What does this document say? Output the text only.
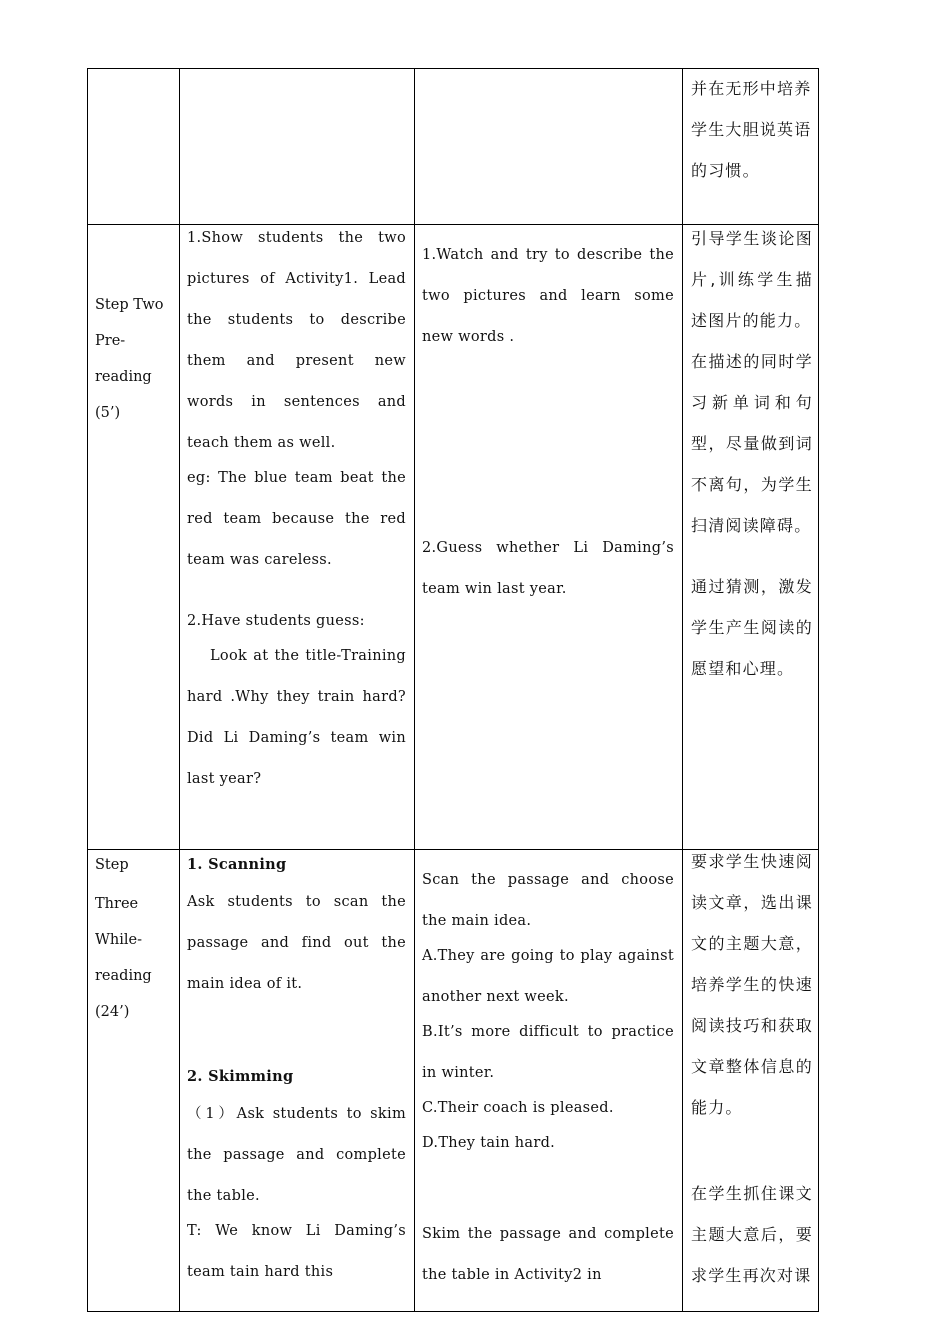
并在无形中培养

学生大胆说英语

的习惯。

Step Two

Pre-

reading

(5’)

1.Show students the two pictures of Activity1. Lead the students to describe them and present new words in sentences and teach them as well.

eg: The blue team beat the red team because the red team was careless.

2.Have students guess:

Look at the title-Training hard .Why they train hard? Did Li Daming’s team win last year?

1.Watch and try to describe the two pictures and learn some new words .

2.Guess whether Li Daming’s team win last year.

引导学生谈论图片,训练学生描述图片的能力。

在描述的同时学习新单词和句型，尽量做到词不离句，为学生扫清阅读障碍。

通过猜测，激发学生产生阅读的愿望和心理。

Step

Three

While-

reading

(24’)

1. Scanning

Ask students to scan the passage and find out the main idea of it.

2. Skimming

（1）Ask students to skim the passage and complete the table.

T: We know Li Daming’s team tain hard this

Scan the passage and choose the main idea.

A.They are going to play against another next week.

B.It’s more difficult to practice in winter.

C.Their coach is pleased.

D.They tain hard.

Skim the passage and complete the table in Activity2 in

要求学生快速阅读文章，选出课文的主题大意，培养学生的快速阅读技巧和获取文章整体信息的能力。

在学生抓住课文主题大意后，要求学生再次对课
